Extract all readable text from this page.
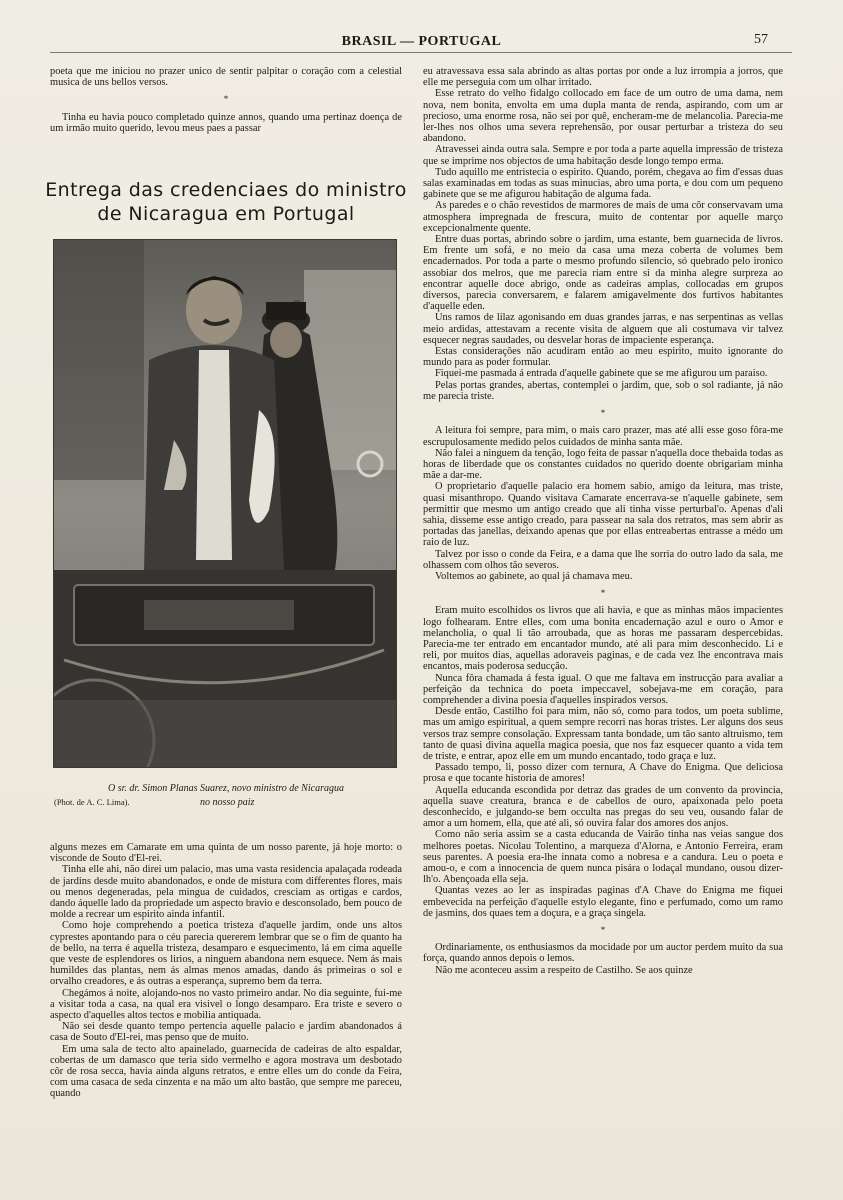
BRASIL — PORTUGAL	57

poeta que me iniciou no prazer unico de sentir palpitar o coração com a celestial musica de uns bellos versos.

*

Tinha eu havia pouco completado quinze annos, quando uma pertinaz doença de um irmão muito querido, levou meus paes a passar

Entrega das credenciaes do ministro
de Nicaragua em Portugal
O sr. dr. Simon Planas Suarez, novo ministro de Nicaragua
(Phot. de A. C. Lima).	no nosso paiz

alguns mezes em Camarate em uma quinta de um nosso parente, já hoje morto: o visconde de Souto d'El-rei.

Tinha elle ahi, não direi um palacio, mas uma vasta residencia apalaçada rodeada de jardins desde muito abandonados, e onde de mistura com differentes flores, mais ou menos degeneradas, pela mingua de cuidados, cresciam as ortigas e cardos, dando áquelle lado da propriedade um aspecto bravio e desconsolado, bem pouco de molde a recrear um espirito ainda infantil.

Como hoje comprehendo a poetica tristeza d'aquelle jardim, onde uns altos cyprestes apontando para o céu parecia quererem lembrar que se o fim de quanto ha de bello, na terra é aquella tristeza, desamparo e esquecimento, lá em cima aquelle que veste de esplendores os lirios, a ninguem abandona nem esquece. Nem ás mais humildes das plantas, nem ás almas menos amadas, dando ás primeiras o sol e orvalho creadores, e ás outras a esperança, supremo bem da terra.

Chegámos á noite, alojando-nos no vasto primeiro andar. No dia seguinte, fui-me a visitar toda a casa, na qual era visivel o longo desamparo. Era triste e severo o aspecto d'aquelles altos tectos e mobilia antiquada.

Não sei desde quanto tempo pertencia aquelle palacio e jardim abandonados á casa de Souto d'El-rei, mas penso que de muito.

Em uma sala de tecto alto apainelado, guarnecida de cadeiras de alto espaldar, cobertas de um damasco que teria sido vermelho e agora mostrava um desbotado côr de rosa secca, havia ainda alguns retratos, e entre elles um do conde da Feira, com uma casaca de seda cinzenta e na mão um alto bastão, que sempre me pareceu, quando

eu atravessava essa sala abrindo as altas portas por onde a luz irrompia a jorros, que elle me perseguia com um olhar irritado.

Esse retrato do velho fidalgo collocado em face de um outro de uma dama, nem nova, nem bonita, envolta em uma dupla manta de renda, aspirando, com um ar precioso, uma enorme rosa, não sei por quê, encheram-me de melancolia. Parecia-me ler-lhes nos olhos uma severa reprehensão, por ousar perturbar a tristeza do seu abandono.

Atravessei ainda outra sala. Sempre e por toda a parte aquella impressão de tristeza que se imprime nos objectos de uma habitação desde longo tempo erma.

Tudo aquillo me entristecia o espirito. Quando, porém, chegava ao fim d'essas duas salas examinadas em todas as suas minucias, abro uma porta, e dou com um pequeno gabinete que se me afigurou habitação de alguma fada.

As paredes e o chão revestidos de marmores de mais de uma côr conservavam uma atmosphera impregnada de frescura, muito de contentar por aquelle março excepcionalmente quente.

Entre duas portas, abrindo sobre o jardim, uma estante, bem guarnecida de livros. Em frente um sofá, e no meio da casa uma meza coberta de volumes bem encadernados. Por toda a parte o mesmo profundo silencio, só quebrado pelo ironico assobiar dos melros, que me parecia riam entre si da minha alegre surpreza ao encontrar aquelle doce abrigo, onde as cadeiras amplas, collocadas em grupos diversos, parecia conversarem, e falarem amigavelmente dos furtivos habitantes d'aquelle eden.

Uns ramos de lilaz agonisando em duas grandes jarras, e nas serpentinas as vellas meio ardidas, attestavam a recente visita de alguem que ali costumava vir talvez esquecer negras saudades, ou desvelar horas de impaciente esperança.

Estas considerações não acudiram então ao meu espirito, muito ignorante do mundo para as poder formular.

Fiquei-me pasmada á entrada d'aquelle gabinete que se me afigurou um paraiso.

Pelas portas grandes, abertas, contemplei o jardim, que, sob o sol radiante, já não me parecia triste.

*

A leitura foi sempre, para mim, o mais caro prazer, mas até alli esse goso fôra-me escrupulosamente medido pelos cuidados de minha santa mãe.

Não falei a ninguem da tenção, logo feita de passar n'aquella doce thebaida todas as horas de liberdade que os constantes cuidados no querido doente obrigariam minha mãe a dar-me.

O proprietario d'aquelle palacio era homem sabio, amigo da leitura, mas triste, quasi misanthropo. Quando visitava Camarate encerrava-se n'aquelle gabinete, sem permittir que mesmo um antigo creado que ali tinha visse perturbal'o. Apenas d'ali sahia, disseme esse antigo creado, para passear na sala dos retratos, mas sem abrir as portadas das janellas, deixando apenas que por ellas entreabertas entrasse a médo um raio de luz.

Talvez por isso o conde da Feira, e a dama que lhe sorria do outro lado da sala, me olhassem com olhos tão severos.

Voltemos ao gabinete, ao qual já chamava meu.

*

Eram muito escolhidos os livros que ali havia, e que as minhas mãos impacientes logo folhearam. Entre elles, com uma bonita encadernação azul e ouro o Amor e melancholia, o qual li tão arroubada, que as horas me passaram despercebidas. Parecia-me ter entrado em encantador mundo, até ali para mim desconhecido. Li e reli, por muitos dias, aquellas adoraveis paginas, e de cada vez lhe encontrava mais encantos, mais poderosa seducção.

Nunca fôra chamada á festa igual. O que me faltava em instrucção para avaliar a perfeição da technica do poeta impeccavel, sobejava-me em coração, para comprehender a divina poesia d'aquelles inspirados versos.

Desde então, Castilho foi para mim, não só, como para todos, um poeta sublime, mas um amigo espiritual, a quem sempre recorri nas horas tristes. Ler alguns dos seus versos traz sempre consolação. Expressam tanta bondade, um tão santo altruismo, tem tanto de quasi divina aquella magica poesia, que nos faz esquecer quanto a vida tem de triste, e entrar, apoz elle em um mundo encantado, todo graça e luz.

Passado tempo, li, posso dizer com ternura, A Chave do Enigma. Que deliciosa prosa e que tocante historia de amores!

Aquella educanda escondida por detraz das grades de um convento da provincia, aquella suave creatura, branca e de cabellos de ouro, apaixonada pelo poeta desconhecido, e julgando-se bem occulta nas pregas do seu veu, ousando falar de amor a um homem, ella, que até ali, só ouvira falar dos amores dos anjos.

Como não seria assim se a casta educanda de Vairão tinha nas veias sangue dos melhores poetas. Nicolau Tolentino, a marqueza d'Alorna, e Antonio Ferreira, eram seus parentes. A poesia era-lhe innata como a nobresa e a candura. Leu o poeta e amou-o, e com a innocencia de quem nunca pisára o lodaçal mundano, ousou dizer-lh'o. Abençoada ella seja.

Quantas vezes ao ler as inspiradas paginas d'A Chave do Enigma me fiquei embevecida na perfeição d'aquelle estylo elegante, fino e perfumado, como um ramo de jasmins, dos quaes tem a doçura, e a graça singela.

*

Ordinariamente, os enthusiasmos da mocidade por um auctor perdem muito da sua força, quando annos depois o lemos.

Não me aconteceu assim a respeito de Castilho. Se aos quinze
